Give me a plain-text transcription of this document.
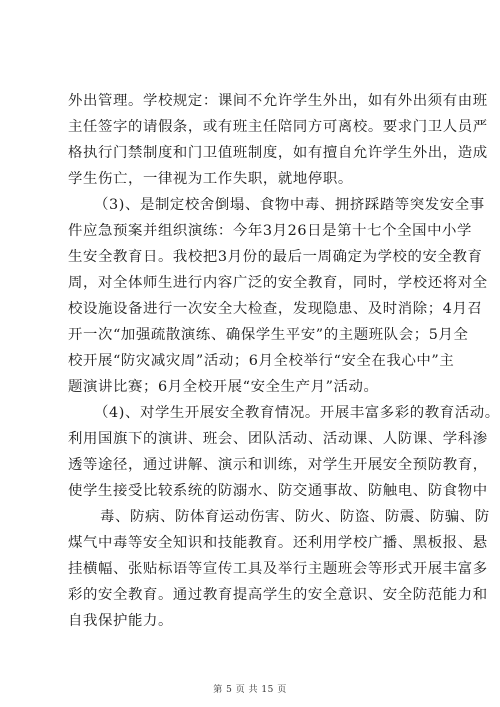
外出管理。学校规定：课间不允许学生外出，如有外出须有由班
主任签字的请假条，或有班主任陪同方可离校。要求门卫人员严
格执行门禁制度和门卫值班制度，如有擅自允许学生外出，造成
学生伤亡，一律视为工作失职，就地停职。
（3)、是制定校舍倒塌、食物中毒、拥挤踩踏等突发安全事
件应急预案并组织演练：今年3月26日是第十七个全国中小学
生安全教育日。我校把3月份的最后一周确定为学校的安全教育
周，对全体师生进行内容广泛的安全教育，同时，学校还将对全
校设施设备进行一次安全大检查，发现隐患、及时消除；4月召
开一次“加强疏散演练、确保学生平安”的主题班队会；5月全
校开展“防灾减灾周”活动；6月全校举行“安全在我心中”主
题演讲比赛；6月全校开展“安全生产月”活动。
（4)、对学生开展安全教育情况。开展丰富多彩的教育活动。
利用国旗下的演讲、班会、团队活动、活动课、人防课、学科渗
透等途径，通过讲解、演示和训练，对学生开展安全预防教育，
使学生接受比较系统的防溺水、防交通事故、防触电、防食物中
毒、防病、防体育运动伤害、防火、防盗、防震、防骗、防
煤气中毒等安全知识和技能教育。还利用学校广播、黑板报、悬
挂横幅、张贴标语等宣传工具及举行主题班会等形式开展丰富多
彩的安全教育。通过教育提高学生的安全意识、安全防范能力和
自我保护能力。
第 5 页 共 15 页
